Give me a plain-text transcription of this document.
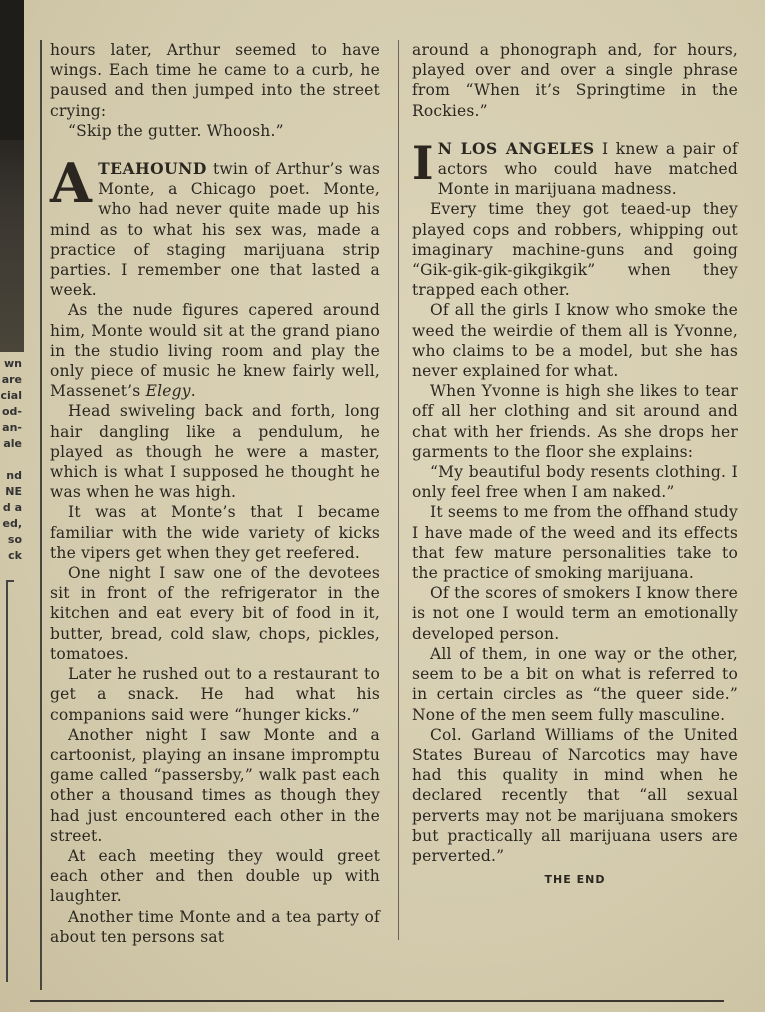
wn
are
cial
od-
an-
ale

nd
NE
d a
ed,
so
ck

hours later, Arthur seemed to have wings. Each time he came to a curb, he paused and then jumped into the street crying:

“Skip the gutter. Whoosh.”

A TEAHOUND twin of Arthur’s was Monte, a Chicago poet. Monte, who had never quite made up his mind as to what his sex was, made a practice of staging marijuana strip parties. I remember one that lasted a week.

As the nude figures capered around him, Monte would sit at the grand piano in the studio living room and play the only piece of music he knew fairly well, Massenet’s Elegy.

Head swiveling back and forth, long hair dangling like a pendulum, he played as though he were a master, which is what I supposed he thought he was when he was high.

It was at Monte’s that I became familiar with the wide variety of kicks the vipers get when they get reefered.

One night I saw one of the devotees sit in front of the refrigerator in the kitchen and eat every bit of food in it, butter, bread, cold slaw, chops, pickles, tomatoes.

Later he rushed out to a restaurant to get a snack. He had what his companions said were “hunger kicks.”

Another night I saw Monte and a cartoonist, playing an insane impromptu game called “passersby,” walk past each other a thousand times as though they had just encountered each other in the street.

At each meeting they would greet each other and then double up with laughter.

Another time Monte and a tea party of about ten persons sat

around a phonograph and, for hours, played over and over a single phrase from “When it’s Springtime in the Rockies.”

I N LOS ANGELES I knew a pair of actors who could have matched Monte in marijuana madness.

Every time they got teaed-up they played cops and robbers, whipping out imaginary machine-guns and going “Gik-gik-gik-gikgikgik” when they trapped each other.

Of all the girls I know who smoke the weed the weirdie of them all is Yvonne, who claims to be a model, but she has never explained for what.

When Yvonne is high she likes to tear off all her clothing and sit around and chat with her friends. As she drops her garments to the floor she explains:

“My beautiful body resents clothing. I only feel free when I am naked.”

It seems to me from the offhand study I have made of the weed and its effects that few mature personalities take to the practice of smoking marijuana.

Of the scores of smokers I know there is not one I would term an emotionally developed person.

All of them, in one way or the other, seem to be a bit on what is referred to in certain circles as “the queer side.” None of the men seem fully masculine.

Col. Garland Williams of the United States Bureau of Narcotics may have had this quality in mind when he declared recently that “all sexual perverts may not be marijuana smokers but practically all marijuana users are perverted.”

THE END
